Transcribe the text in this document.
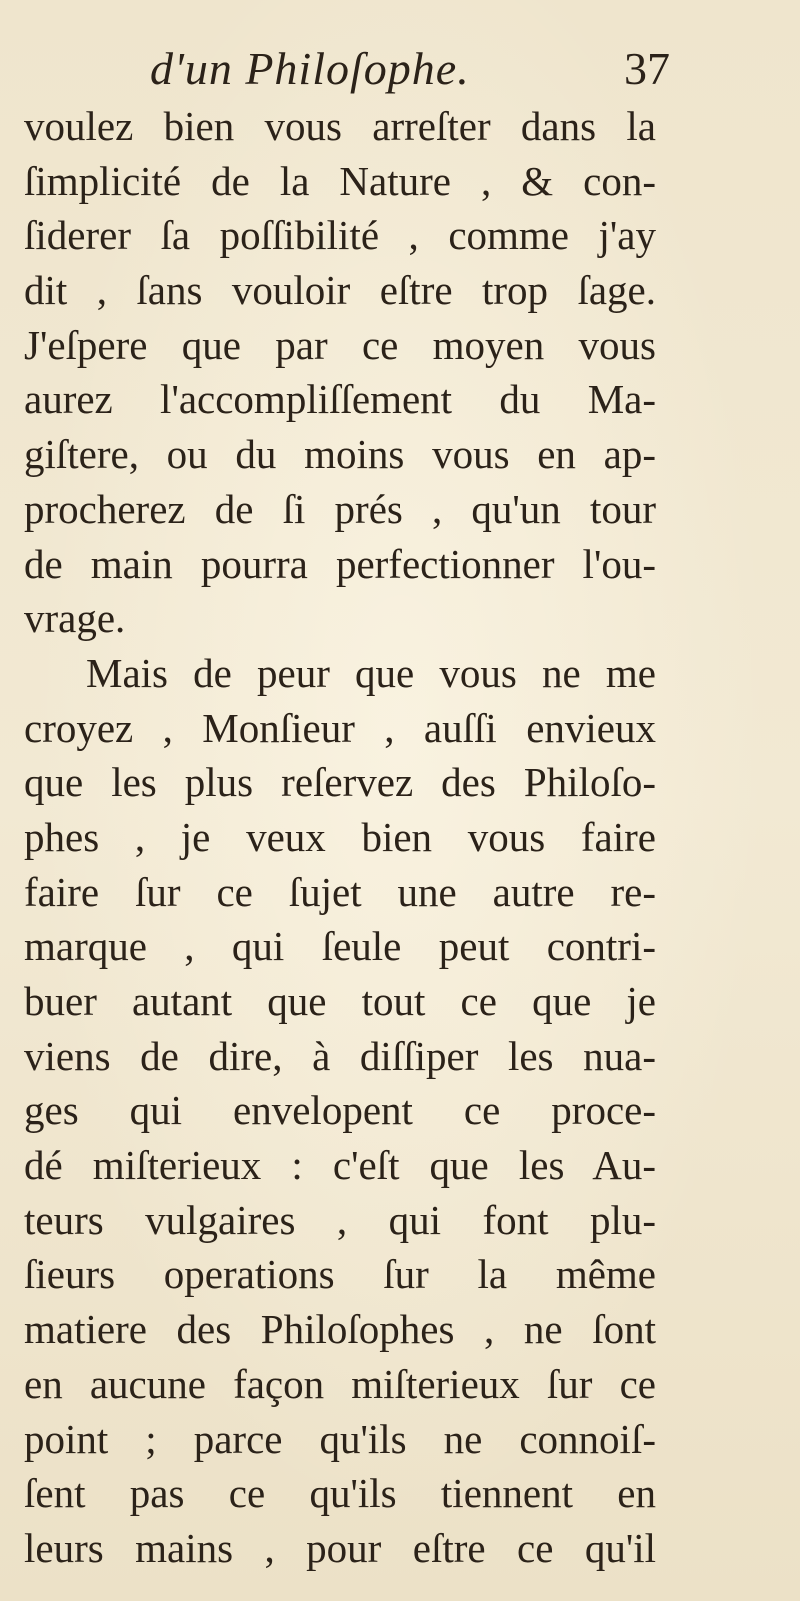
d'un Philoſophe.	37
voulez bien vous arreſter dans la
ſimplicité de la Nature , & con-
ſiderer ſa poſſibilité , comme j'ay
dit , ſans vouloir eſtre trop ſage.
J'eſpere que par ce moyen vous
aurez l'accompliſſement du Ma-
giſtere, ou du moins vous en ap-
procherez de ſi prés , qu'un tour
de main pourra perfectionner l'ou-
vrage.
Mais de peur que vous ne me
croyez , Monſieur , auſſi envieux
que les plus reſervez des Philoſo-
phes , je veux bien vous faire
faire ſur ce ſujet une autre re-
marque , qui ſeule peut contri-
buer autant que tout ce que je
viens de dire, à diſſiper les nua-
ges qui envelopent ce proce-
dé miſterieux : c'eſt que les Au-
teurs vulgaires , qui font plu-
ſieurs operations ſur la même
matiere des Philoſophes , ne ſont
en aucune façon miſterieux ſur ce
point ; parce qu'ils ne connoiſ-
ſent pas ce qu'ils tiennent en
leurs mains , pour eſtre ce qu'il
